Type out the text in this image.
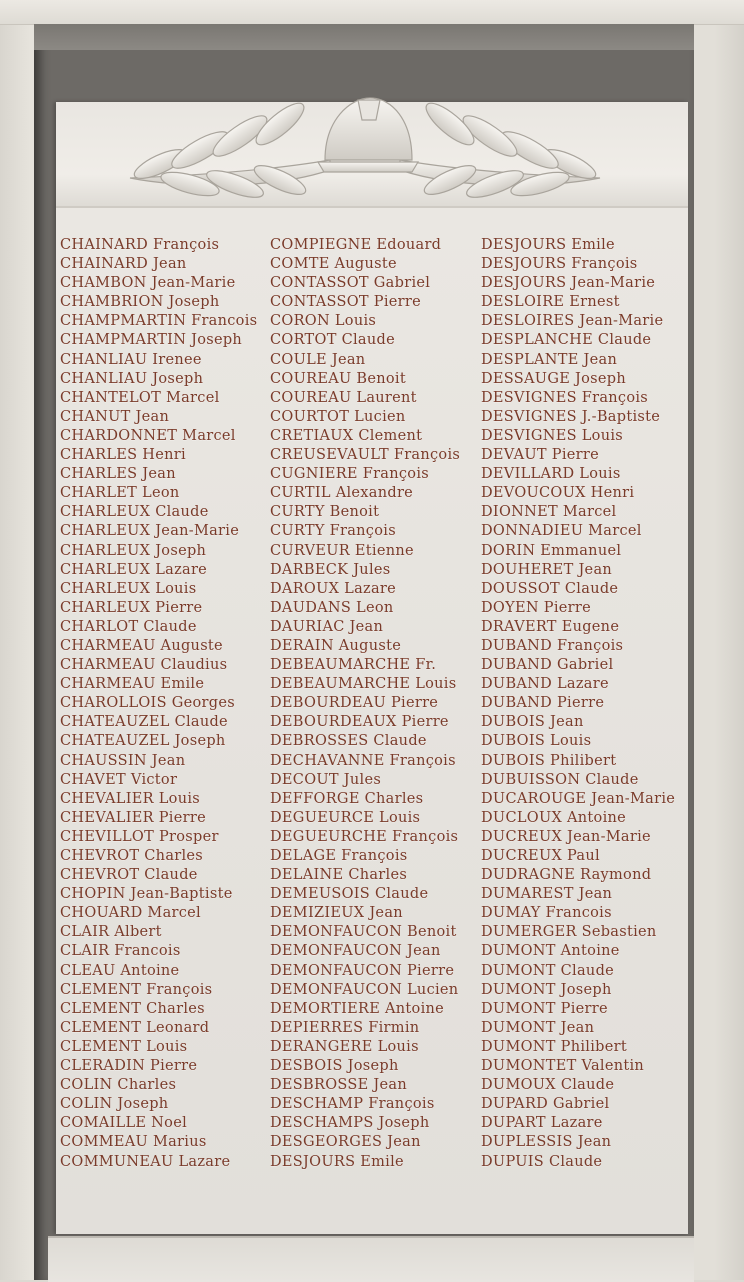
CHAINARD François
CHAINARD Jean
CHAMBON Jean-Marie
CHAMBRION Joseph
CHAMPMARTIN Francois
CHAMPMARTIN Joseph
CHANLIAU Irenee
CHANLIAU Joseph
CHANTELOT Marcel
CHANUT Jean
CHARDONNET Marcel
CHARLES Henri
CHARLES Jean
CHARLET Leon
CHARLEUX Claude
CHARLEUX Jean-Marie
CHARLEUX Joseph
CHARLEUX Lazare
CHARLEUX Louis
CHARLEUX Pierre
CHARLOT Claude
CHARMEAU Auguste
CHARMEAU Claudius
CHARMEAU Emile
CHAROLLOIS Georges
CHATEAUZEL Claude
CHATEAUZEL Joseph
CHAUSSIN Jean
CHAVET Victor
CHEVALIER Louis
CHEVALIER Pierre
CHEVILLOT Prosper
CHEVROT Charles
CHEVROT Claude
CHOPIN Jean-Baptiste
CHOUARD Marcel
CLAIR Albert
CLAIR Francois
CLEAU Antoine
CLEMENT François
CLEMENT Charles
CLEMENT Leonard
CLEMENT Louis
CLERADIN Pierre
COLIN Charles
COLIN Joseph
COMAILLE Noel
COMMEAU Marius
COMMUNEAU Lazare
COMPIEGNE Edouard
COMTE Auguste
CONTASSOT Gabriel
CONTASSOT Pierre
CORON Louis
CORTOT Claude
COULE Jean
COUREAU Benoit
COUREAU Laurent
COURTOT Lucien
CRETIAUX Clement
CREUSEVAULT François
CUGNIERE François
CURTIL Alexandre
CURTY Benoit
CURTY François
CURVEUR Etienne
DARBECK Jules
DAROUX Lazare
DAUDANS Leon
DAURIAC Jean
DERAIN Auguste
DEBEAUMARCHE Fr.
DEBEAUMARCHE Louis
DEBOURDEAU Pierre
DEBOURDEAUX Pierre
DEBROSSES Claude
DECHAVANNE François
DECOUT Jules
DEFFORGE Charles
DEGUEURCE Louis
DEGUEURCHE François
DELAGE François
DELAINE Charles
DEMEUSOIS Claude
DEMIZIEUX Jean
DEMONFAUCON Benoit
DEMONFAUCON Jean
DEMONFAUCON Pierre
DEMONFAUCON Lucien
DEMORTIERE Antoine
DEPIERRES Firmin
DERANGERE Louis
DESBOIS Joseph
DESBROSSE Jean
DESCHAMP François
DESCHAMPS Joseph
DESGEORGES Jean
DESJOURS Emile
DESJOURS Emile
DESJOURS François
DESJOURS Jean-Marie
DESLOIRE Ernest
DESLOIRES Jean-Marie
DESPLANCHE Claude
DESPLANTE Jean
DESSAUGE Joseph
DESVIGNES François
DESVIGNES J.-Baptiste
DESVIGNES Louis
DEVAUT Pierre
DEVILLARD Louis
DEVOUCOUX Henri
DIONNET Marcel
DONNADIEU Marcel
DORIN Emmanuel
DOUHERET Jean
DOUSSOT Claude
DOYEN Pierre
DRAVERT Eugene
DUBAND François
DUBAND Gabriel
DUBAND Lazare
DUBAND Pierre
DUBOIS Jean
DUBOIS Louis
DUBOIS Philibert
DUBUISSON Claude
DUCAROUGE Jean-Marie
DUCLOUX Antoine
DUCREUX Jean-Marie
DUCREUX Paul
DUDRAGNE Raymond
DUMAREST Jean
DUMAY Francois
DUMERGER Sebastien
DUMONT Antoine
DUMONT Claude
DUMONT Joseph
DUMONT Pierre
DUMONT Jean
DUMONT Philibert
DUMONTET Valentin
DUMOUX Claude
DUPARD Gabriel
DUPART Lazare
DUPLESSIS Jean
DUPUIS Claude
